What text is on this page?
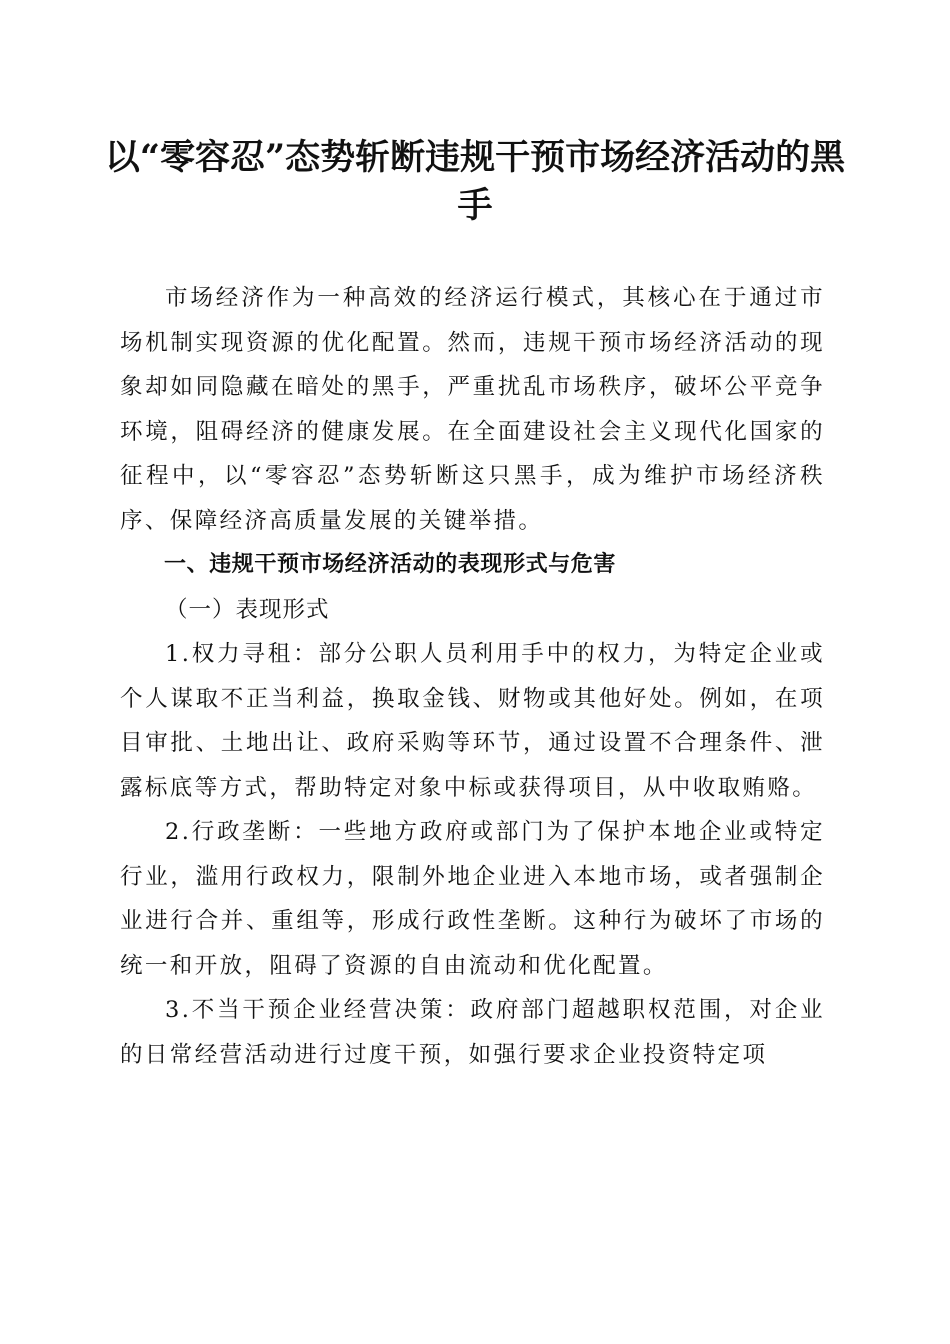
以“零容忍”态势斩断违规干预市场经济活动的黑手

市场经济作为一种高效的经济运行模式，其核心在于通过市场机制实现资源的优化配置。然而，违规干预市场经济活动的现象却如同隐藏在暗处的黑手，严重扰乱市场秩序，破坏公平竞争环境，阻碍经济的健康发展。在全面建设社会主义现代化国家的征程中，以“零容忍”态势斩断这只黑手，成为维护市场经济秩序、保障经济高质量发展的关键举措。

一、违规干预市场经济活动的表现形式与危害

（一）表现形式

1.权力寻租：部分公职人员利用手中的权力，为特定企业或个人谋取不正当利益，换取金钱、财物或其他好处。例如，在项目审批、土地出让、政府采购等环节，通过设置不合理条件、泄露标底等方式，帮助特定对象中标或获得项目，从中收取贿赂。

2.行政垄断：一些地方政府或部门为了保护本地企业或特定行业，滥用行政权力，限制外地企业进入本地市场，或者强制企业进行合并、重组等，形成行政性垄断。这种行为破坏了市场的统一和开放，阻碍了资源的自由流动和优化配置。

3.不当干预企业经营决策：政府部门超越职权范围，对企业的日常经营活动进行过度干预，如强行要求企业投资特定项
